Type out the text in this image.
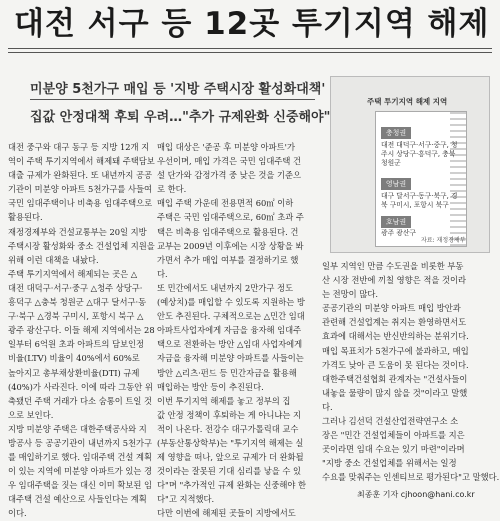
대전 서구 등 12곳 투기지역 해제
미분양 5천가구 매입 등 '지방 주택시장 활성화대책'
집값 안정대책 후퇴 우려…"추가 규제완화 신중해야"
주택 투기지역 해제 지역
충청권
대전 대덕구·서구·중구, 청주시 상당구·흥덕구, 충북 청원군
영남권
대구 달서구·동구·북구, 경북 구미시, 포항시 북구
호남권
광주 광산구
자료: 재정경제부

대전 중구와 대구 동구 등 지방 12개 지

역이 주택 투기지역에서 해제돼 주택담보

대출 규제가 완화된다. 또 내년까지 공공

기관이 미분양 아파트 5천가구를 사들여

국민 임대주택이나 비축용 임대주택으로

활용된다.

재정경제부와 건설교통부는 20일 지방

주택시장 활성화와 중소 건설업체 지원을

위해 이런 대책을 내놨다.

주택 투기지역에서 해제되는 곳은 △

대전 대덕구·서구·중구 △청주 상당구·

흥덕구 △충북 청원군 △대구 달서구·동

구·북구 △경북 구미시, 포항시 북구 △

광주 광산구다. 이들 해제 지역에서는 28

일부터 6억원 초과 아파트의 담보인정

비율(LTV) 비율이 40%에서 60%로

높아지고 총부채상환비율(DTI) 규제

(40%)가 사라진다. 이에 따라 그동안 위

축됐던 주택 거래가 다소 숨통이 트일 것

으로 보인다.

지방 미분양 주택은 대한주택공사와 지

방공사 등 공공기관이 내년까지 5천가구

를 매입하기로 했다. 임대주택 건설 계획

이 있는 지역에 미분양 아파트가 있는 경

우 임대주택을 짓는 대신 이미 확보된 임

대주택 건설 예산으로 사들인다는 계획

이다.

매입 대상은 '준공 후 미분양 아파트'가

우선이며, 매입 가격은 국민 임대주택 건

설 단가와 감정가격 중 낮은 것을 기준으

로 한다.

매입 주택 가운데 전용면적 60㎡ 이하

주택은 국민 임대주택으로, 60㎡ 초과 주

택은 비축용 임대주택으로 활용된다. 건

교부는 2009년 이후에는 시장 상황을 봐

가면서 추가 매입 여부를 결정하기로 했

다.

또 민간에서도 내년까지 2만가구 정도

(예상치)를 매입할 수 있도록 지원하는 방

안도 추진된다. 구체적으로는 △민간 임대

아파트사업자에게 자금을 융자해 임대주

택으로 전환하는 방안 △임대 사업자에게

자금을 융자해 미분양 아파트를 사들이는

방안 △리츠·펀드 등 민간자금을 활용해

매입하는 방안 등이 추진된다.

이번 투기지역 해제를 놓고 정부의 집

값 안정 정책이 후퇴하는 게 아니냐는 지

적이 나온다. 전강수 대구가톨릭대 교수

(부동산통상학부)는 "투기지역 해제는 실

제 영향을 떠나, 앞으로 규제가 더 완화될

것이라는 잘못된 기대 심리를 낳을 수 있

다"며 "추가적인 규제 완화는 신중해야 한

다"고 지적했다.

다만 이번에 해제된 곳들이 지방에서도

일부 지역인 만큼 수도권을 비롯한 부동

산 시장 전반에 끼칠 영향은 적을 것이라

는 전망이 많다.

공공기관의 미분양 아파트 매입 방안과

관련해 건설업계는 취지는 환영하면서도

효과에 대해서는 반신반의하는 분위기다.

매입 목표치가 5천가구에 불과하고, 매입

가격도 낮아 큰 도움이 못 된다는 것이다.

대한주택건설협회 관계자는 "건설사들이

내놓을 물량이 많지 않을 것"이라고 말했

다.

그러나 김선덕 건설산업전략연구소 소

장은 "민간 건설업체들이 아파트를 지은

곳이라면 임대 수요는 있기 마련"이라며

"지방 중소 건설업체를 위해서는 일정

수요를 맞춰주는 인센티브로 평가된다"고 말했다.

최종훈 기자 cjhoon@hani.co.kr
